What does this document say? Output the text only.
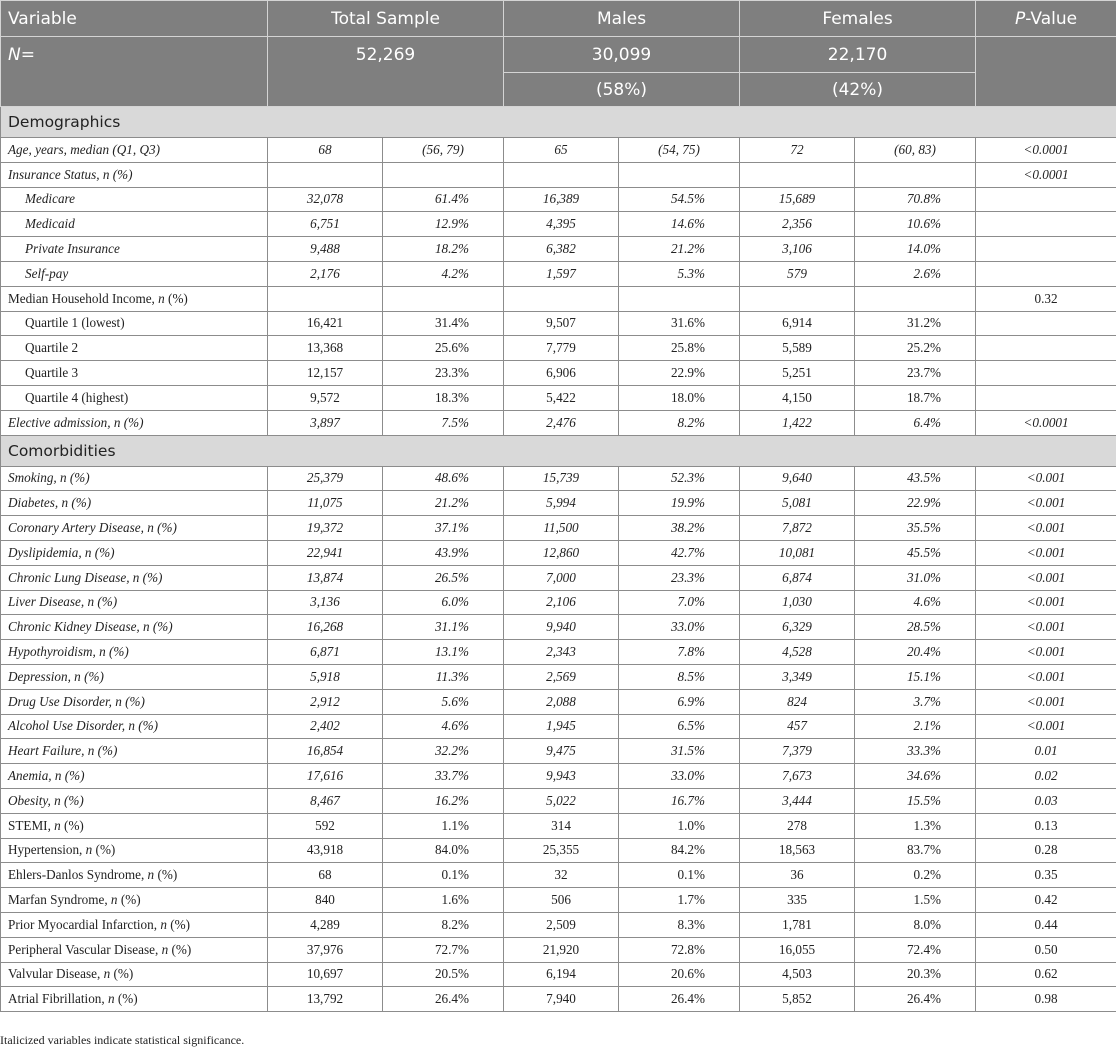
Variable	Total Sample		Males		Females		P-Value
N=	52,269		30,099		22,170		
			(58%)		(42%)		
Demographics							
Age, years, median (Q1, Q3)	68	(56, 79)	65	(54, 75)	72	(60, 83)	<0.0001
Insurance Status, n (%)							<0.0001
Medicare	32,078	61.4%	16,389	54.5%	15,689	70.8%	
Medicaid	6,751	12.9%	4,395	14.6%	2,356	10.6%	
Private Insurance	9,488	18.2%	6,382	21.2%	3,106	14.0%	
Self-pay	2,176	4.2%	1,597	5.3%	579	2.6%	
Median Household Income, n (%)							0.32
Quartile 1 (lowest)	16,421	31.4%	9,507	31.6%	6,914	31.2%	
Quartile 2	13,368	25.6%	7,779	25.8%	5,589	25.2%	
Quartile 3	12,157	23.3%	6,906	22.9%	5,251	23.7%	
Quartile 4 (highest)	9,572	18.3%	5,422	18.0%	4,150	18.7%	
Elective admission, n (%)	3,897	7.5%	2,476	8.2%	1,422	6.4%	<0.0001
Comorbidities							
Smoking, n (%)	25,379	48.6%	15,739	52.3%	9,640	43.5%	<0.001
Diabetes, n (%)	11,075	21.2%	5,994	19.9%	5,081	22.9%	<0.001
Coronary Artery Disease, n (%)	19,372	37.1%	11,500	38.2%	7,872	35.5%	<0.001
Dyslipidemia, n (%)	22,941	43.9%	12,860	42.7%	10,081	45.5%	<0.001
Chronic Lung Disease, n (%)	13,874	26.5%	7,000	23.3%	6,874	31.0%	<0.001
Liver Disease, n (%)	3,136	6.0%	2,106	7.0%	1,030	4.6%	<0.001
Chronic Kidney Disease, n (%)	16,268	31.1%	9,940	33.0%	6,329	28.5%	<0.001
Hypothyroidism, n (%)	6,871	13.1%	2,343	7.8%	4,528	20.4%	<0.001
Depression, n (%)	5,918	11.3%	2,569	8.5%	3,349	15.1%	<0.001
Drug Use Disorder, n (%)	2,912	5.6%	2,088	6.9%	824	3.7%	<0.001
Alcohol Use Disorder, n (%)	2,402	4.6%	1,945	6.5%	457	2.1%	<0.001
Heart Failure, n (%)	16,854	32.2%	9,475	31.5%	7,379	33.3%	0.01
Anemia, n (%)	17,616	33.7%	9,943	33.0%	7,673	34.6%	0.02
Obesity, n (%)	8,467	16.2%	5,022	16.7%	3,444	15.5%	0.03
STEMI, n (%)	592	1.1%	314	1.0%	278	1.3%	0.13
Hypertension, n (%)	43,918	84.0%	25,355	84.2%	18,563	83.7%	0.28
Ehlers-Danlos Syndrome, n (%)	68	0.1%	32	0.1%	36	0.2%	0.35
Marfan Syndrome, n (%)	840	1.6%	506	1.7%	335	1.5%	0.42
Prior Myocardial Infarction, n (%)	4,289	8.2%	2,509	8.3%	1,781	8.0%	0.44
Peripheral Vascular Disease, n (%)	37,976	72.7%	21,920	72.8%	16,055	72.4%	0.50
Valvular Disease, n (%)	10,697	20.5%	6,194	20.6%	4,503	20.3%	0.62
Atrial Fibrillation, n (%)	13,792	26.4%	7,940	26.4%	5,852	26.4%	0.98
Italicized variables indicate statistical significance.
